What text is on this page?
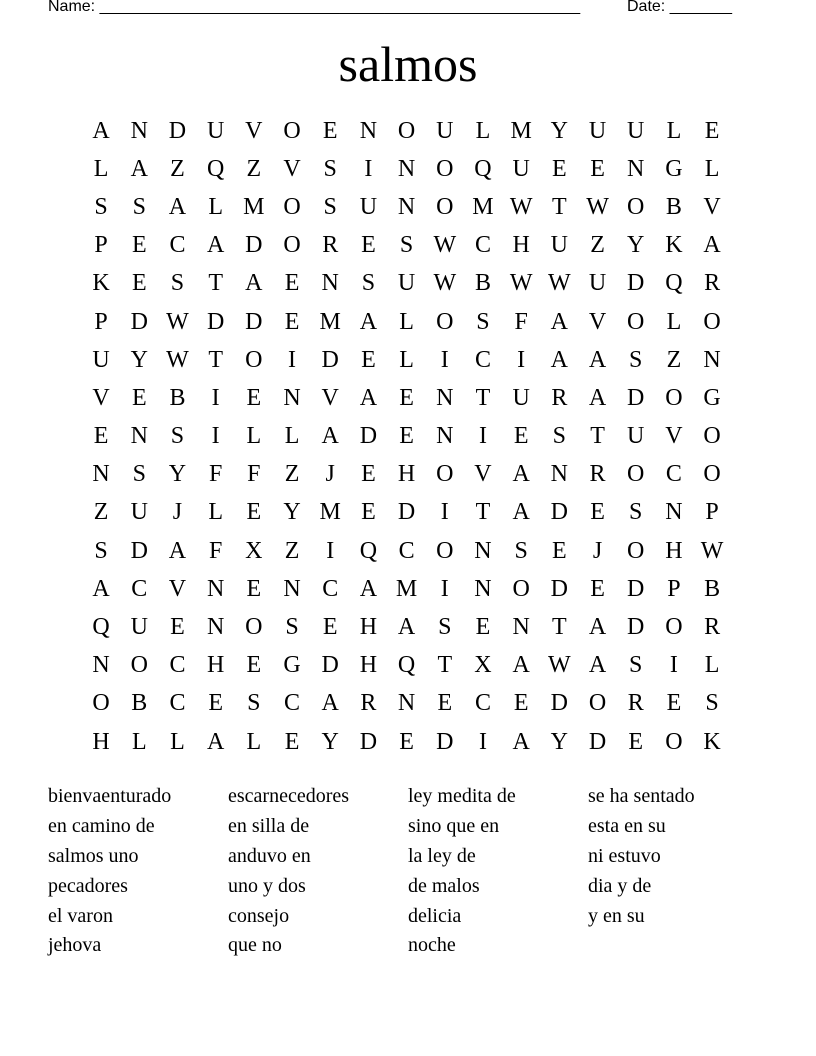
Name: ______________________________________________________	Date: _______
salmos
A N D U V O E N O U L M Y U U L E
L A Z Q Z V S	I	N O Q U E E N G L
S	S A L M O S U N O M W T W O B V
P	E C A D O R E	S W C H U Z Y K A
K E	S	T A E N S U W B W W U D Q R
P D W D D E M A L O S	F A V O L O
U Y W T O	I	D E L	I	C	I	A A S	Z N
V E B	I	E N V A E N T U R A D O G
E N S	I	L L A D E N	I	E	S	T U V O
N S Y F	F	Z	J	E H O V A N R O C O
Z U	J	L E Y M E D	I	T A D E	S N P
S D A F X Z	I	Q C O N S	E	J	O H W
A C V N E N C A M I	N O D E D P B
Q U E N O S	E H A S	E N T A D O R
N O C H E G D H Q T X A W A S	I	L
O B C E	S C A R N E C E D O R E	S
H L L A L E Y D E D	I	A Y D E O K
bienvaenturado
en camino de
salmos uno
pecadores
el varon
jehova
escarnecedores
en silla de
anduvo en
uno y dos
consejo
que no
ley medita de
sino que en
la ley de
de malos
delicia
noche
se ha sentado
esta en su
ni estuvo
dia y de
y en su
